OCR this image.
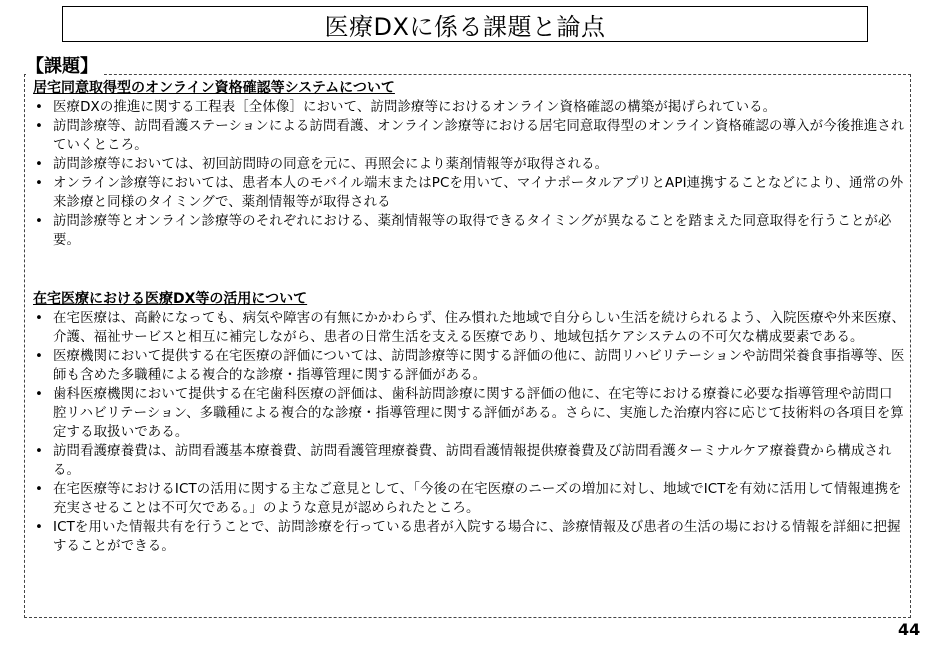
医療DXに係る課題と論点
【課題】

居宅同意取得型のオンライン資格確認等システムについて

• 医療DXの推進に関する工程表［全体像］において、訪問診療等におけるオンライン資格確認の構築が掲げられている。
• 訪問診療等、訪問看護ステーションによる訪問看護、オンライン診療等における居宅同意取得型のオンライン資格確認の導入が今後推進されていくところ。
• 訪問診療等においては、初回訪問時の同意を元に、再照会により薬剤情報等が取得される。
• オンライン診療等においては、患者本人のモバイル端末またはPCを用いて、マイナポータルアプリとAPI連携することなどにより、通常の外来診療と同様のタイミングで、薬剤情報等が取得される
• 訪問診療等とオンライン診療等のそれぞれにおける、薬剤情報等の取得できるタイミングが異なることを踏まえた同意取得を行うことが必要。

在宅医療における医療DX等の活用について

• 在宅医療は、高齢になっても、病気や障害の有無にかかわらず、住み慣れた地域で自分らしい生活を続けられるよう、入院医療や外来医療、介護、福祉サービスと相互に補完しながら、患者の日常生活を支える医療であり、地域包括ケアシステムの不可欠な構成要素である。
• 医療機関において提供する在宅医療の評価については、訪問診療等に関する評価の他に、訪問リハビリテーションや訪問栄養食事指導等、医師も含めた多職種による複合的な診療・指導管理に関する評価がある。
• 歯科医療機関において提供する在宅歯科医療の評価は、歯科訪問診療に関する評価の他に、在宅等における療養に必要な指導管理や訪問口腔リハビリテーション、多職種による複合的な診療・指導管理に関する評価がある。さらに、実施した治療内容に応じて技術料の各項目を算定する取扱いである。
• 訪問看護療養費は、訪問看護基本療養費、訪問看護管理療養費、訪問看護情報提供療養費及び訪問看護ターミナルケア療養費から構成される。
• 在宅医療等におけるICTの活用に関する主なご意見として、「今後の在宅医療のニーズの増加に対し、地域でICTを有効に活用して情報連携を充実させることは不可欠である。」のような意見が認められたところ。
• ICTを用いた情報共有を行うことで、訪問診療を行っている患者が入院する場合に、診療情報及び患者の生活の場における情報を詳細に把握することができる。
44
